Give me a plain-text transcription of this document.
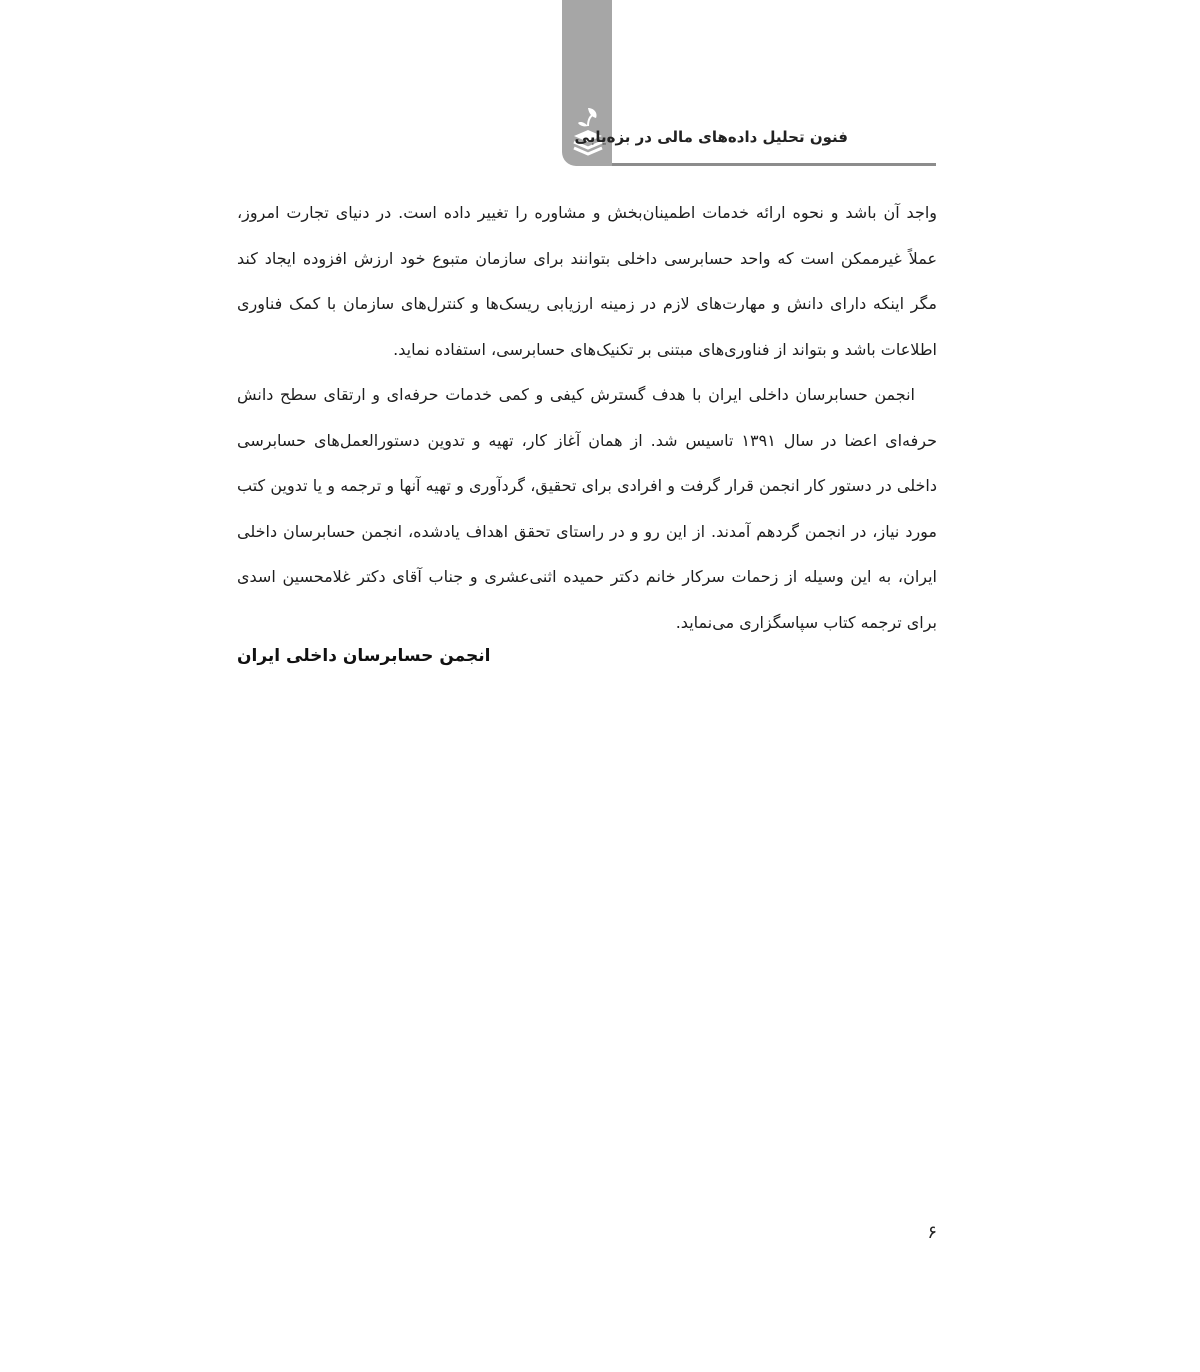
فنون تحلیل داده‌های مالی در بزه‌یابی

واجد آن باشد و نحوه ارائه خدمات اطمینان‌بخش و مشاوره را تغییر داده است. در دنیای تجارت امروز، عملاً غیرممکن است که واحد حسابرسی داخلی بتوانند برای سازمان متبوع خود ارزش افزوده ایجاد کند مگر اینکه دارای دانش و مهارت‌های لازم در زمینه ارزیابی ریسک‌ها و کنترل‌های سازمان با کمک فناوری اطلاعات باشد و بتواند از فناوری‌های مبتنی بر تکنیک‌های حسابرسی، استفاده نماید.

انجمن حسابرسان داخلی ایران با هدف گسترش کیفی و کمی خدمات حرفه‌ای و ارتقای سطح دانش حرفه‌ای اعضا در سال ۱۳۹۱ تاسیس شد. از همان آغاز کار، تهیه و تدوین دستورالعمل‌های حسابرسی داخلی در دستور کار انجمن قرار گرفت و افرادی برای تحقیق، گردآوری و تهیه آنها و ترجمه و یا تدوین کتب مورد نیاز، در انجمن گردهم آمدند. از این رو و در راستای تحقق اهداف یادشده، انجمن حسابرسان داخلی ایران، به این وسیله از زحمات سرکار خانم دکتر حمیده اثنی‌عشری و جناب آقای دکتر غلامحسین اسدی برای ترجمه کتاب سپاسگزاری می‌نماید.

انجمن حسابرسان داخلی ایران
۶
